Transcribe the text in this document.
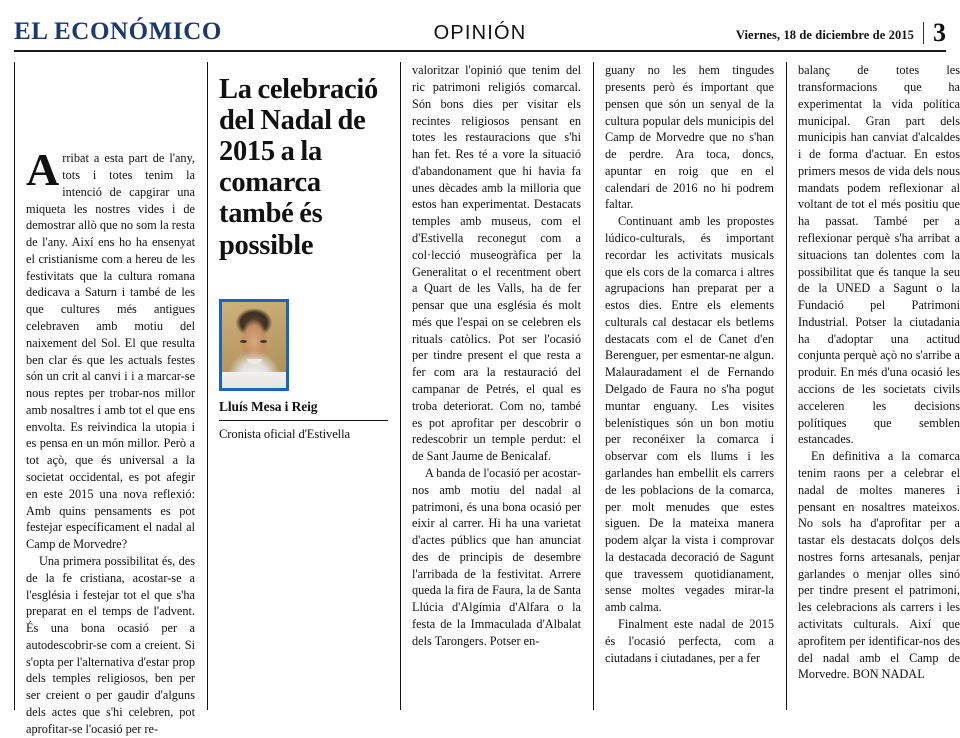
EL ECONÓMICO	OPINIÓN	Viernes, 18 de diciembre de 2015 3

Arribat a esta part de l'any, tots i totes tenim la intenció de capgirar una miqueta les nostres vides i de demostrar allò que no som la resta de l'any. Així ens ho ha ensenyat el cristianisme com a hereu de les festivitats que la cultura romana dedicava a Saturn i també de les que cultures més antigues celebraven amb motiu del naixement del Sol. El que resulta ben clar és que les actuals festes són un crit al canvi i i a marcar-se nous reptes per trobar-nos millor amb nosaltres i amb tot el que ens envolta. Es reivindica la utopia i es pensa en un món millor. Però a tot açò, que és universal a la societat occidental, es pot afegir en este 2015 una nova reflexió: Amb quins pensaments es pot festejar específicament el nadal al Camp de Morvedre?

Una primera possibilitat és, des de la fe cristiana, acostar-se a l'església i festejar tot el que s'ha preparat en el temps de l'advent. És una bona ocasió per a autodescobrir-se com a creient. Si s'opta per l'alternativa d'estar prop dels temples religiosos, ben per ser creient o per gaudir d'alguns dels actes que s'hi celebren, pot aprofitar-se l'ocasió per re-

La celebració del Nadal de 2015 a la comarca també és possible
Lluís Mesa i Reig
Cronista oficial d'Estivella

valoritzar l'opinió que tenim del ric patrimoni religiós comarcal. Són bons dies per visitar els recintes religiosos pensant en totes les restauracions que s'hi han fet. Res té a vore la situació d'abandonament que hi havia fa unes dècades amb la milloria que estos han experimentat. Destacats temples amb museus, com el d'Estivella reconegut com a col·lecció museogràfica per la Generalitat o el recentment obert a Quart de les Valls, ha de fer pensar que una església és molt més que l'espai on se celebren els rituals catòlics. Pot ser l'ocasió per tindre present el que resta a fer com ara la restauració del campanar de Petrés, el qual es troba deteriorat. Com no, també es pot aprofitar per descobrir o redescobrir un temple perdut: el de Sant Jaume de Benicalaf.

A banda de l'ocasió per acostar-nos amb motiu del nadal al patrimoni, és una bona ocasió per eixir al carrer. Hi ha una varietat d'actes públics que han anunciat des de principis de desembre l'arribada de la festivitat. Arrere queda la fira de Faura, la de Santa Llúcia d'Algímia d'Alfara o la festa de la Immaculada d'Albalat dels Tarongers. Potser en-

guany no les hem tingudes presents però és important que pensen que són un senyal de la cultura popular dels municipis del Camp de Morvedre que no s'han de perdre. Ara toca, doncs, apuntar en roig que en el calendari de 2016 no hi podrem faltar.

Continuant amb les propostes lúdico-culturals, és important recordar les activitats musicals que els cors de la comarca i altres agrupacions han preparat per a estos dies. Entre els elements culturals cal destacar els betlems destacats com el de Canet d'en Berenguer, per esmentar-ne algun. Malauradament el de Fernando Delgado de Faura no s'ha pogut muntar enguany. Les visites belenístiques són un bon motiu per reconéixer la comarca i observar com els llums i les garlandes han embellit els carrers de les poblacions de la comarca, per molt menudes que estes siguen. De la mateixa manera podem alçar la vista i comprovar la destacada decoració de Sagunt que travessem quotidianament, sense moltes vegades mirar-la amb calma.

Finalment este nadal de 2015 és l'ocasió perfecta, com a ciutadans i ciutadanes, per a fer

balanç de totes les transformacions que ha experimentat la vida política municipal. Gran part dels municipis han canviat d'alcaldes i de forma d'actuar. En estos primers mesos de vida dels nous mandats podem reflexionar al voltant de tot el més positiu que ha passat. També per a reflexionar perquè s'ha arribat a situacions tan dolentes com la possibilitat que és tanque la seu de la UNED a Sagunt o la Fundació pel Patrimoni Industrial. Potser la ciutadania ha d'adoptar una actitud conjunta perquè açò no s'arribe a produir. En més d'una ocasió les accions de les societats civils acceleren les decisions polítiques que semblen estancades.

En definitiva a la comarca tenim raons per a celebrar el nadal de moltes maneres i pensant en nosaltres mateixos. No sols ha d'aprofitar per a tastar els destacats dolços dels nostres forns artesanals, penjar garlandes o menjar olles sinó per tindre present el patrimoni, les celebracions als carrers i les activitats culturals. Així que aprofitem per identificar-nos des del nadal amb el Camp de Morvedre. BON NADAL
